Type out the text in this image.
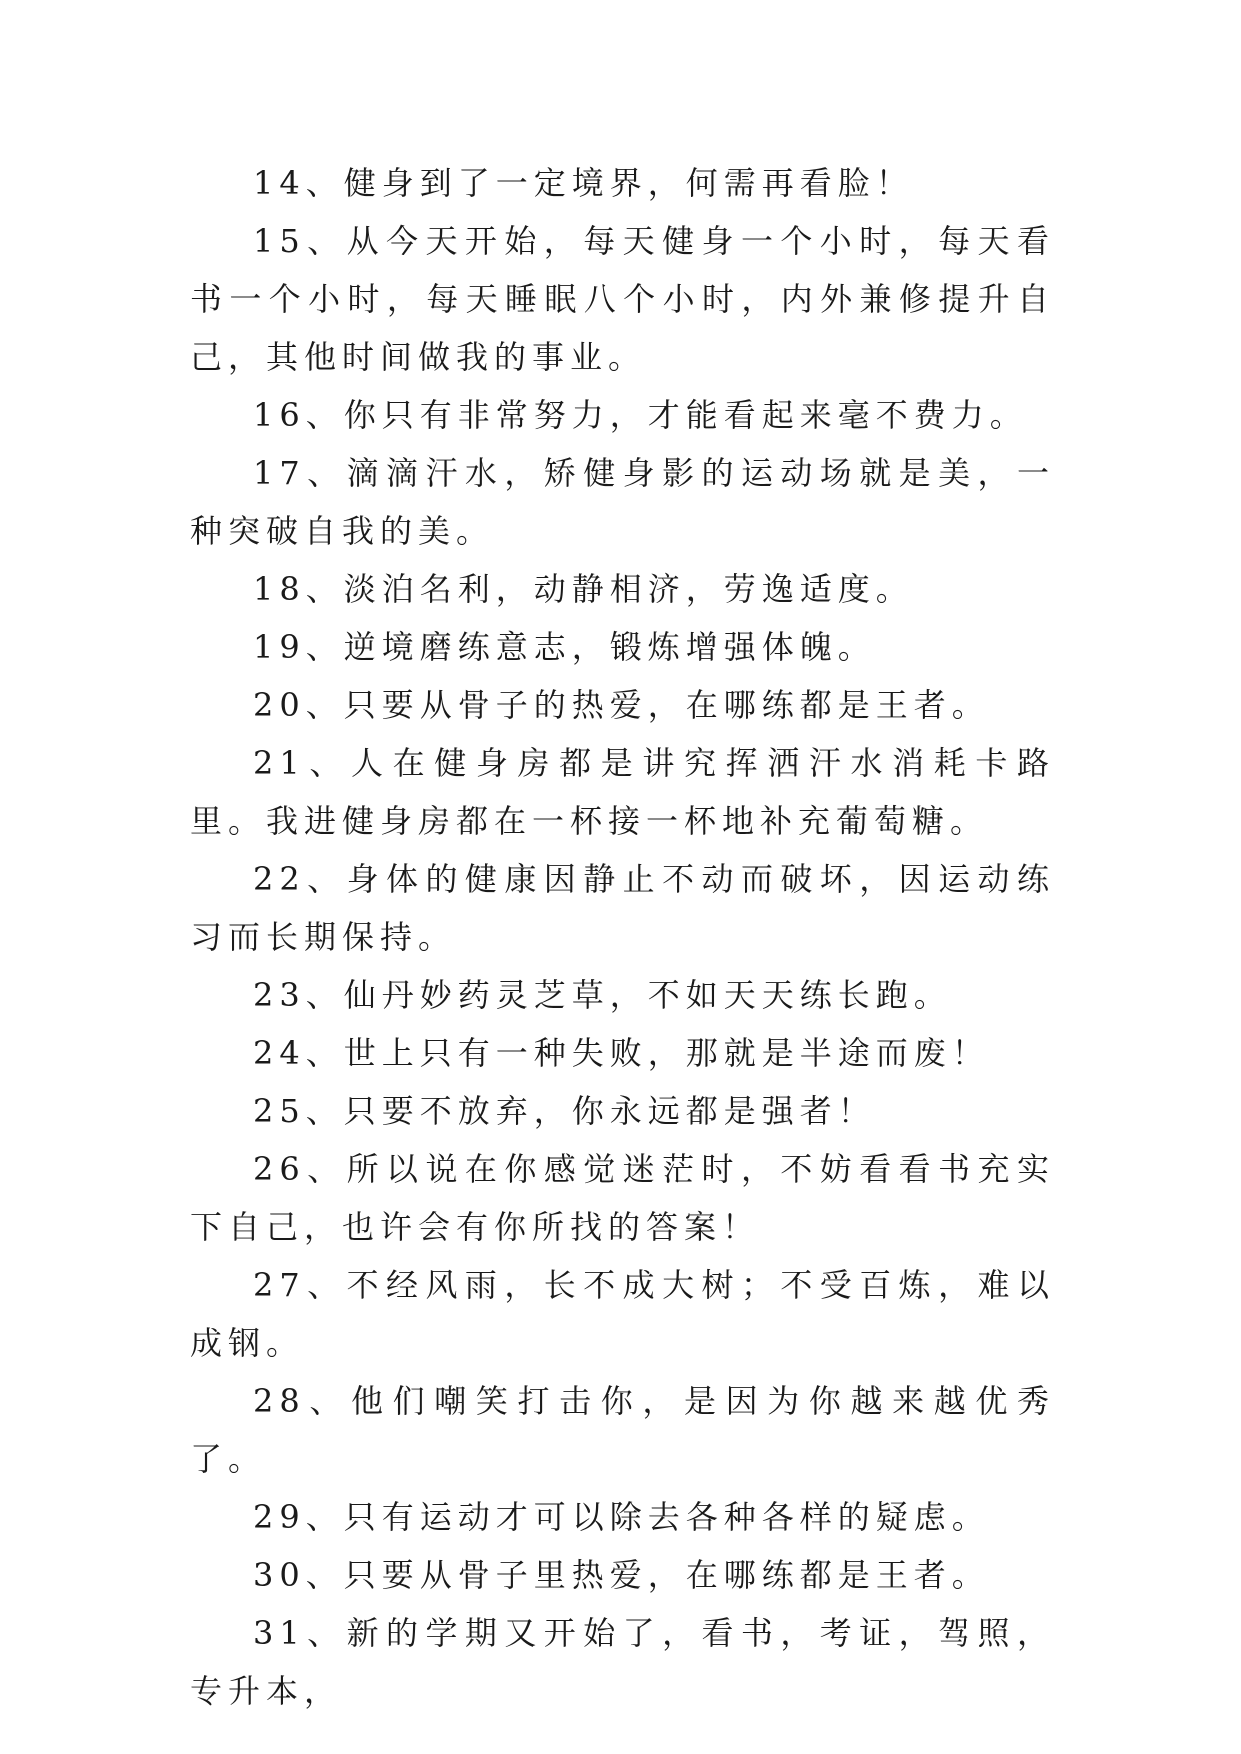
14、健身到了一定境界，何需再看脸！

15、从今天开始，每天健身一个小时，每天看书一个小时，每天睡眠八个小时，内外兼修提升自己，其他时间做我的事业。

16、你只有非常努力，才能看起来毫不费力。

17、滴滴汗水，矫健身影的运动场就是美，一种突破自我的美。

18、淡泊名利，动静相济，劳逸适度。

19、逆境磨练意志，锻炼增强体魄。

20、只要从骨子的热爱，在哪练都是王者。

21、人在健身房都是讲究挥洒汗水消耗卡路里。我进健身房都在一杯接一杯地补充葡萄糖。

22、身体的健康因静止不动而破坏，因运动练习而长期保持。

23、仙丹妙药灵芝草，不如天天练长跑。

24、世上只有一种失败，那就是半途而废！

25、只要不放弃，你永远都是强者！

26、所以说在你感觉迷茫时，不妨看看书充实下自己，也许会有你所找的答案！

27、不经风雨，长不成大树；不受百炼，难以成钢。

28、他们嘲笑打击你，是因为你越来越优秀了。

29、只有运动才可以除去各种各样的疑虑。

30、只要从骨子里热爱，在哪练都是王者。

31、新的学期又开始了，看书，考证，驾照，专升本，
